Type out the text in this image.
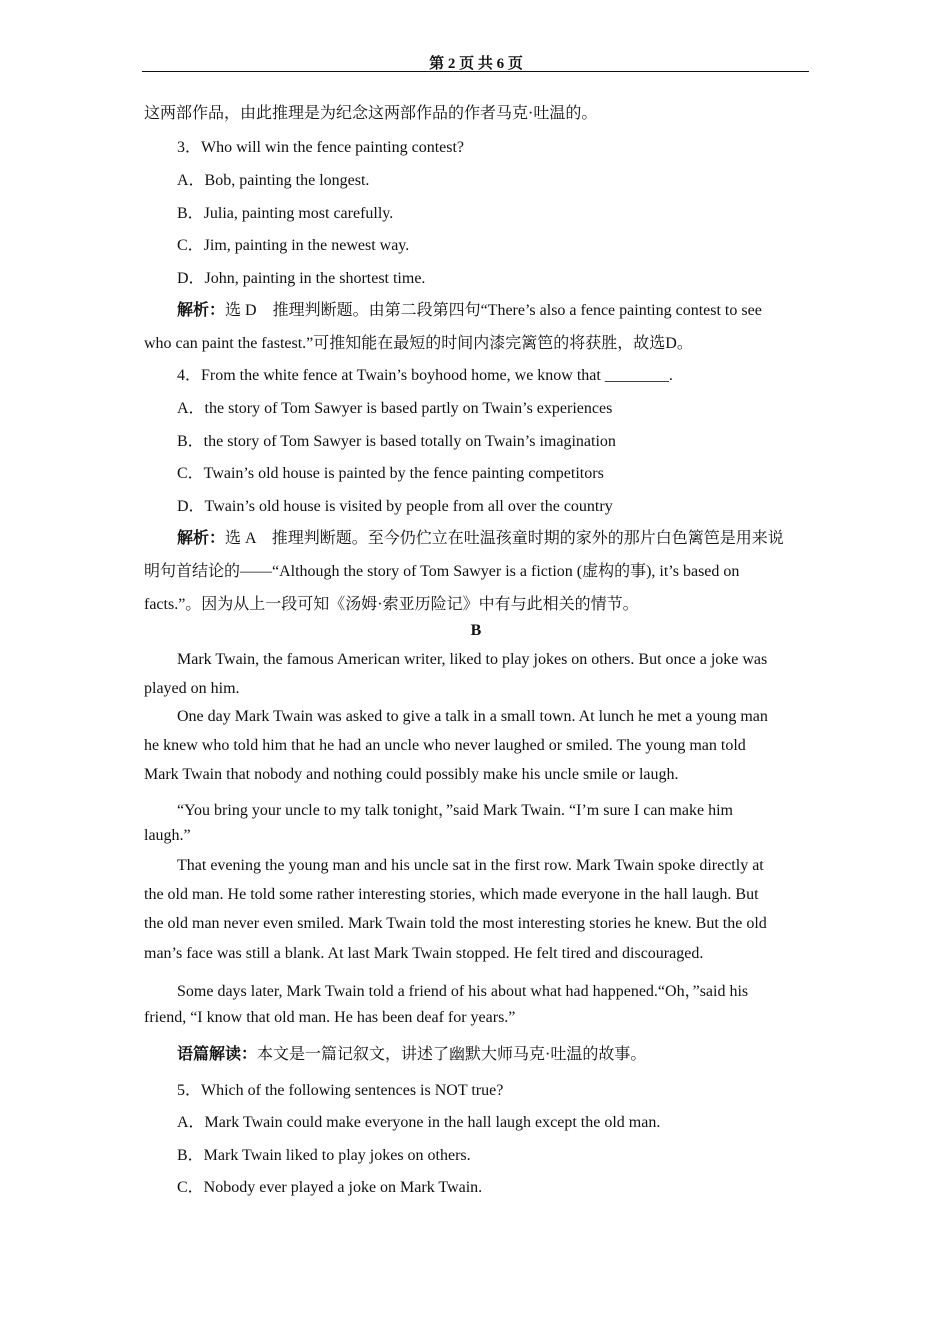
第 2 页 共 6 页
这两部作品，由此推理是为纪念这两部作品的作者马克·吐温的。
3．Who will win the fence painting contest?
A．Bob, painting the longest.
B．Julia, painting most carefully.
C．Jim, painting in the newest way.
D．John, painting in the shortest time.
解析：选 D　推理判断题。由第二段第四句“There’s also a fence painting contest to see
who can paint the fastest.”可推知能在最短的时间内漆完篱笆的将获胜，故选D。
4．From the white fence at Twain’s boyhood home, we know that ________.
A．the story of Tom Sawyer is based partly on Twain’s experiences
B．the story of Tom Sawyer is based totally on Twain’s imagination
C．Twain’s old house is painted by the fence painting competitors
D．Twain’s old house is visited by people from all over the country
解析：选 A　推理判断题。至今仍伫立在吐温孩童时期的家外的那片白色篱笆是用来说
明句首结论的——“Although the story of Tom Sawyer is a fiction (虚构的事), it’s based on
facts.”。因为从上一段可知《汤姆·索亚历险记》中有与此相关的情节。
B
Mark Twain, the famous American writer, liked to play jokes on others. But once a joke was
played on him.
One day Mark Twain was asked to give a talk in a small town. At lunch he met a young man
he knew who told him that he had an uncle who never laughed or smiled. The young man told
Mark Twain that nobody and nothing could possibly make his uncle smile or laugh.
“You bring your uncle to my talk tonight，”said Mark Twain. “I’m sure I can make him
laugh.”
That evening the young man and his uncle sat in the first row. Mark Twain spoke directly at
the old man. He told some rather interesting stories, which made everyone in the hall laugh. But
the old man never even smiled. Mark Twain told the most interesting stories he knew. But the old
man’s face was still a blank. At last Mark Twain stopped. He felt tired and discouraged.
Some days later, Mark Twain told a friend of his about what had happened.“Oh，”said his
friend, “I know that old man. He has been deaf for years.”
语篇解读：本文是一篇记叙文，讲述了幽默大师马克·吐温的故事。
5．Which of the following sentences is NOT true?
A．Mark Twain could make everyone in the hall laugh except the old man.
B．Mark Twain liked to play jokes on others.
C．Nobody ever played a joke on Mark Twain.
